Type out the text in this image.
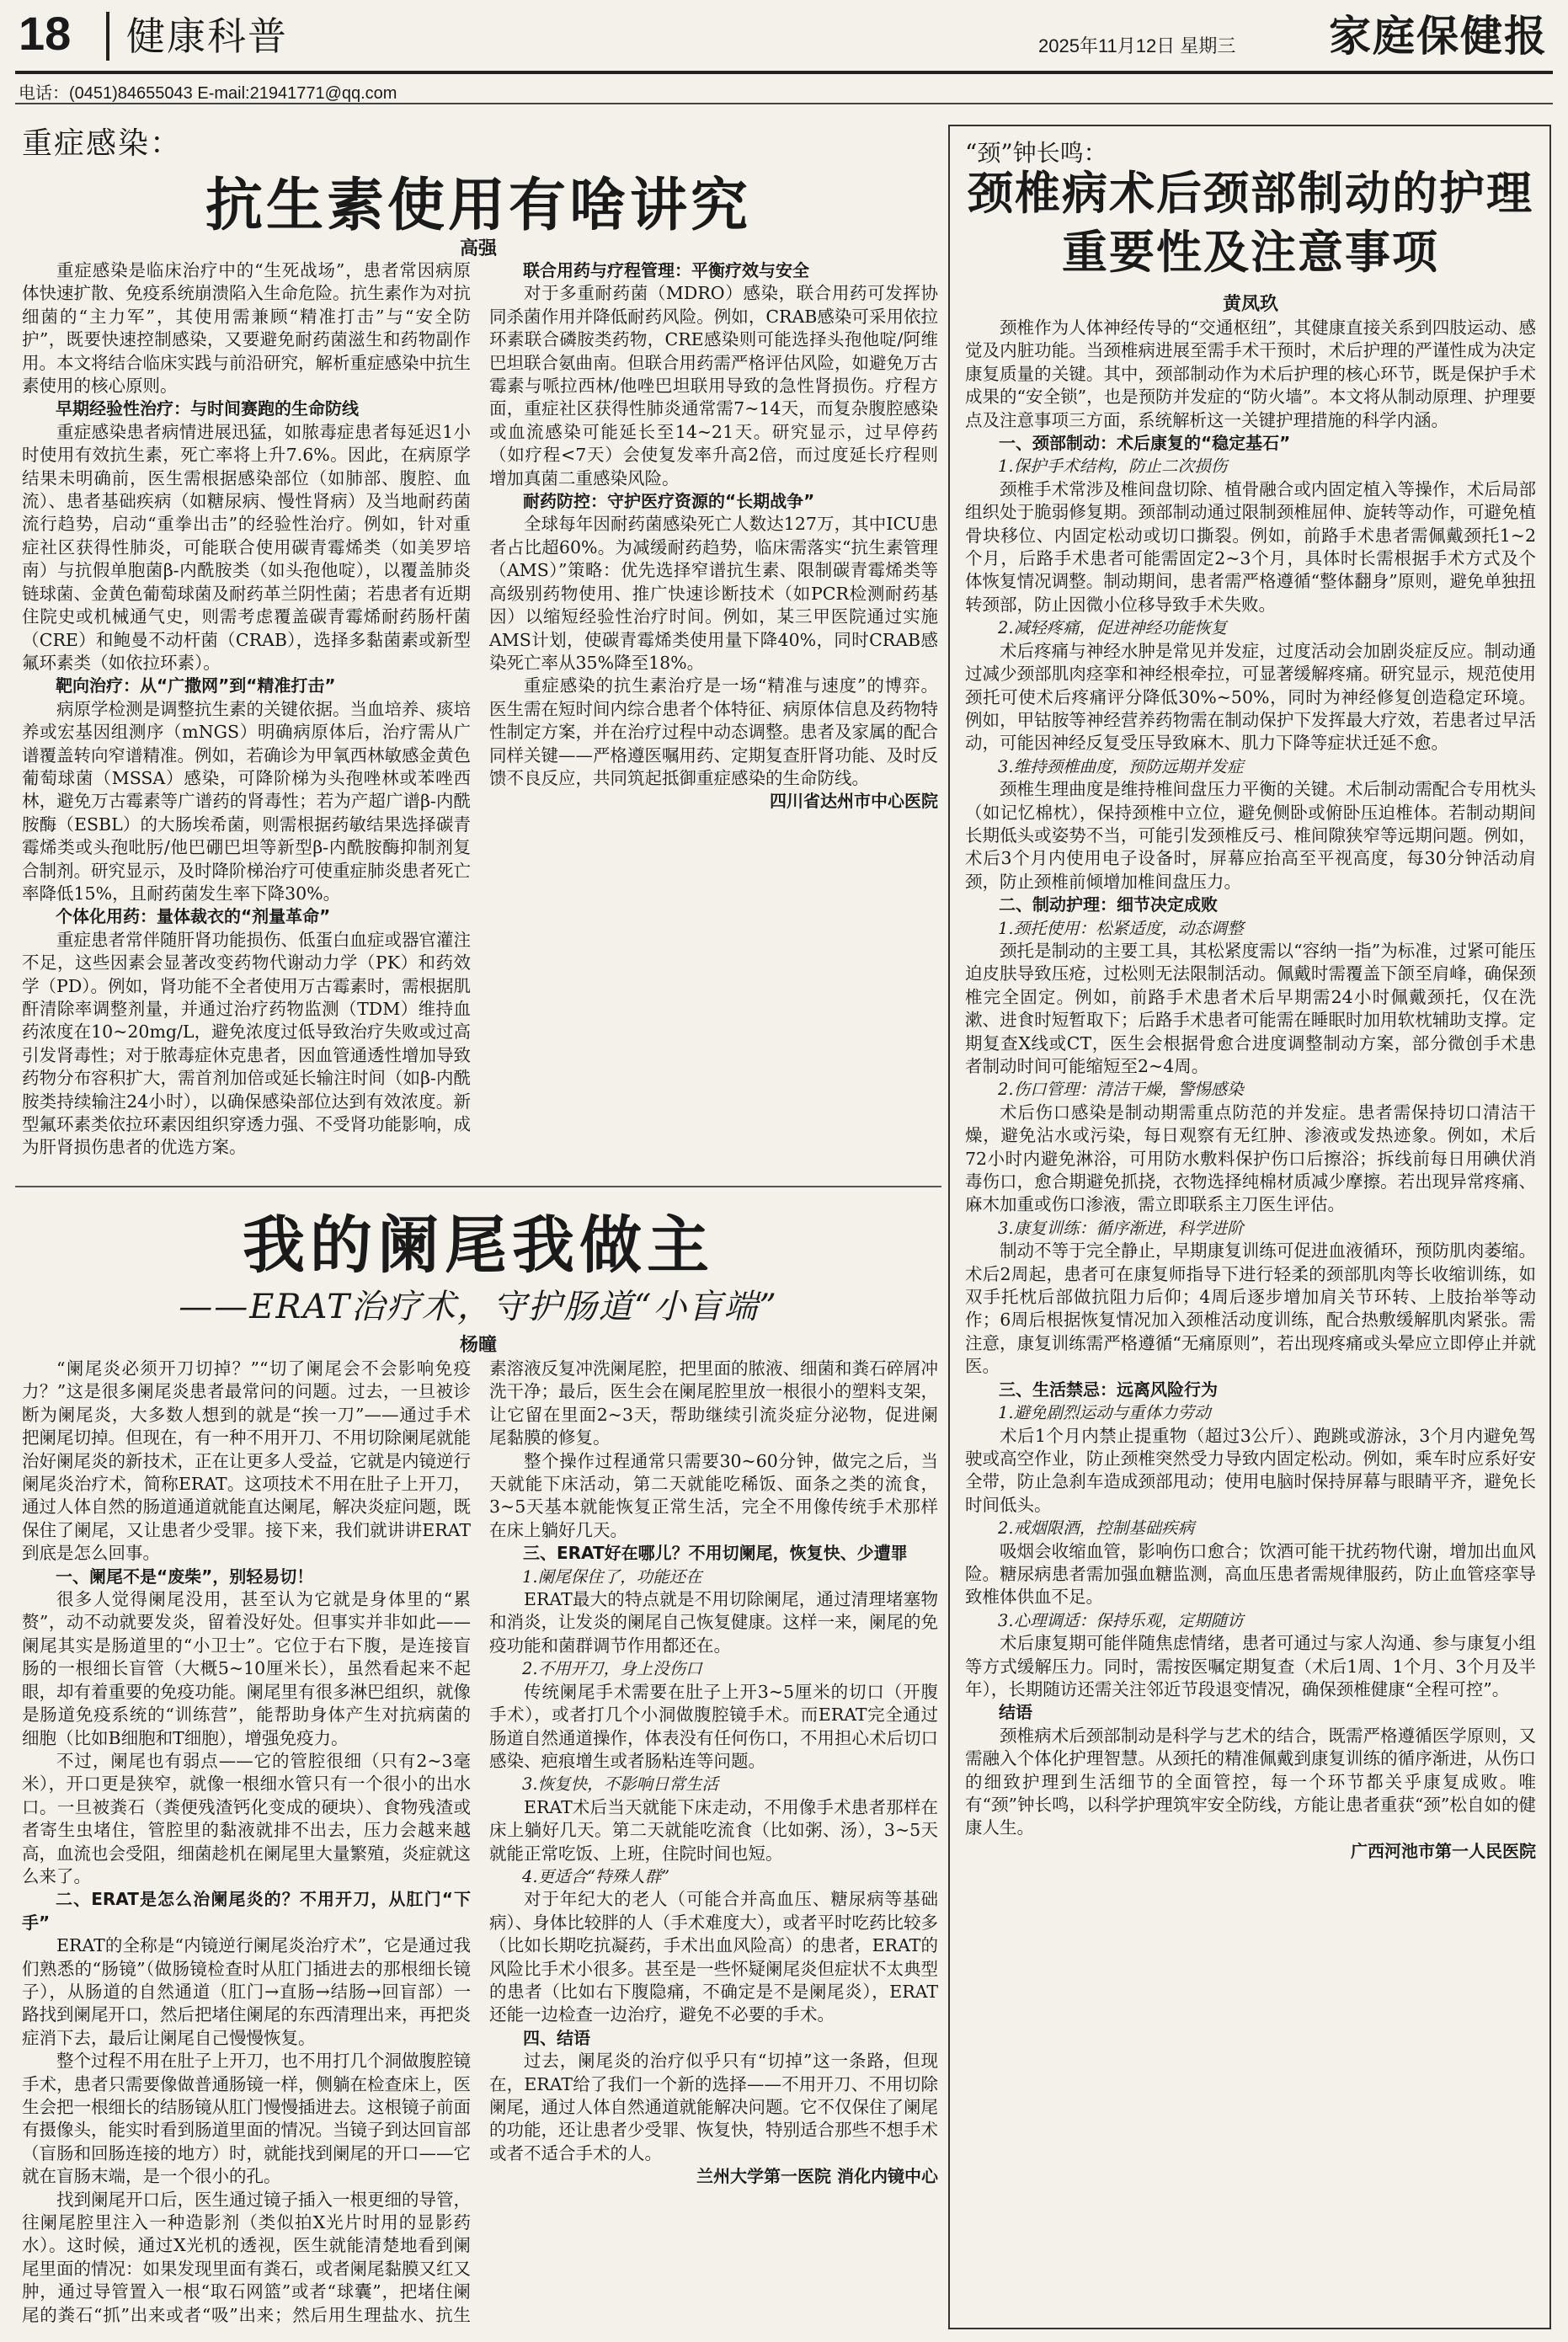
18 健康科普	2025年11月12日 星期三 家庭保健报
电话：(0451)84655043 E-mail:21941771@qq.com
重症感染：
抗生素使用有啥讲究
高强

重症感染是临床治疗中的“生死战场”，患者常因病原体快速扩散、免疫系统崩溃陷入生命危险。抗生素作为对抗细菌的“主力军”，其使用需兼顾“精准打击”与“安全防护”，既要快速控制感染，又要避免耐药菌滋生和药物副作用。本文将结合临床实践与前沿研究，解析重症感染中抗生素使用的核心原则。

早期经验性治疗：与时间赛跑的生命防线

重症感染患者病情进展迅猛，如脓毒症患者每延迟1小时使用有效抗生素，死亡率将上升7.6%。因此，在病原学结果未明确前，医生需根据感染部位（如肺部、腹腔、血流）、患者基础疾病（如糖尿病、慢性肾病）及当地耐药菌流行趋势，启动“重拳出击”的经验性治疗。例如，针对重症社区获得性肺炎，可能联合使用碳青霉烯类（如美罗培南）与抗假单胞菌β-内酰胺类（如头孢他啶），以覆盖肺炎链球菌、金黄色葡萄球菌及耐药革兰阴性菌；若患者有近期住院史或机械通气史，则需考虑覆盖碳青霉烯耐药肠杆菌（CRE）和鲍曼不动杆菌（CRAB），选择多黏菌素或新型氟环素类（如依拉环素）。

靶向治疗：从“广撒网”到“精准打击”

病原学检测是调整抗生素的关键依据。当血培养、痰培养或宏基因组测序（mNGS）明确病原体后，治疗需从广谱覆盖转向窄谱精准。例如，若确诊为甲氧西林敏感金黄色葡萄球菌（MSSA）感染，可降阶梯为头孢唑林或苯唑西林，避免万古霉素等广谱药的肾毒性；若为产超广谱β-内酰胺酶（ESBL）的大肠埃希菌，则需根据药敏结果选择碳青霉烯类或头孢吡肟/他巴硼巴坦等新型β-内酰胺酶抑制剂复合制剂。研究显示，及时降阶梯治疗可使重症肺炎患者死亡率降低15%，且耐药菌发生率下降30%。

个体化用药：量体裁衣的“剂量革命”

重症患者常伴随肝肾功能损伤、低蛋白血症或器官灌注不足，这些因素会显著改变药物代谢动力学（PK）和药效学（PD）。例如，肾功能不全者使用万古霉素时，需根据肌酐清除率调整剂量，并通过治疗药物监测（TDM）维持血药浓度在10~20mg/L，避免浓度过低导致治疗失败或过高引发肾毒性；对于脓毒症休克患者，因血管通透性增加导致药物分布容积扩大，需首剂加倍或延长输注时间（如β-内酰胺类持续输注24小时），以确保感染部位达到有效浓度。新型氟环素类依拉环素因组织穿透力强、不受肾功能影响，成为肝肾损伤患者的优选方案。

联合用药与疗程管理：平衡疗效与安全

对于多重耐药菌（MDRO）感染，联合用药可发挥协同杀菌作用并降低耐药风险。例如，CRAB感染可采用依拉环素联合磷胺类药物，CRE感染则可能选择头孢他啶/阿维巴坦联合氨曲南。但联合用药需严格评估风险，如避免万古霉素与哌拉西林/他唑巴坦联用导致的急性肾损伤。疗程方面，重症社区获得性肺炎通常需7~14天，而复杂腹腔感染或血流感染可能延长至14~21天。研究显示，过早停药（如疗程<7天）会使复发率升高2倍，而过度延长疗程则增加真菌二重感染风险。

耐药防控：守护医疗资源的“长期战争”

全球每年因耐药菌感染死亡人数达127万，其中ICU患者占比超60%。为减缓耐药趋势，临床需落实“抗生素管理（AMS）”策略：优先选择窄谱抗生素、限制碳青霉烯类等高级别药物使用、推广快速诊断技术（如PCR检测耐药基因）以缩短经验性治疗时间。例如，某三甲医院通过实施AMS计划，使碳青霉烯类使用量下降40%，同时CRAB感染死亡率从35%降至18%。

重症感染的抗生素治疗是一场“精准与速度”的博弈。医生需在短时间内综合患者个体特征、病原体信息及药物特性制定方案，并在治疗过程中动态调整。患者及家属的配合同样关键——严格遵医嘱用药、定期复查肝肾功能、及时反馈不良反应，共同筑起抵御重症感染的生命防线。

四川省达州市中心医院

我的阑尾我做主
——ERAT治疗术，守护肠道“小盲端”
杨曈

“阑尾炎必须开刀切掉？”“切了阑尾会不会影响免疫力？”这是很多阑尾炎患者最常问的问题。过去，一旦被诊断为阑尾炎，大多数人想到的就是“挨一刀”——通过手术把阑尾切掉。但现在，有一种不用开刀、不用切除阑尾就能治好阑尾炎的新技术，正在让更多人受益，它就是内镜逆行阑尾炎治疗术，简称ERAT。这项技术不用在肚子上开刀，通过人体自然的肠道通道就能直达阑尾，解决炎症问题，既保住了阑尾，又让患者少受罪。接下来，我们就讲讲ERAT到底是怎么回事。

一、阑尾不是“废柴”，别轻易切！

很多人觉得阑尾没用，甚至认为它就是身体里的“累赘”，动不动就要发炎，留着没好处。但事实并非如此——阑尾其实是肠道里的“小卫士”。它位于右下腹，是连接盲肠的一根细长盲管（大概5~10厘米长），虽然看起来不起眼，却有着重要的免疫功能。阑尾里有很多淋巴组织，就像是肠道免疫系统的“训练营”，能帮助身体产生对抗病菌的细胞（比如B细胞和T细胞），增强免疫力。

不过，阑尾也有弱点——它的管腔很细（只有2~3毫米），开口更是狭窄，就像一根细水管只有一个很小的出水口。一旦被粪石（粪便残渣钙化变成的硬块）、食物残渣或者寄生虫堵住，管腔里的黏液就排不出去，压力会越来越高，血流也会受阻，细菌趁机在阑尾里大量繁殖，炎症就这么来了。

二、ERAT是怎么治阑尾炎的？不用开刀，从肛门“下手”

ERAT的全称是“内镜逆行阑尾炎治疗术”，它是通过我们熟悉的“肠镜”（做肠镜检查时从肛门插进去的那根细长镜子），从肠道的自然通道（肛门→直肠→结肠→回盲部）一路找到阑尾开口，然后把堵住阑尾的东西清理出来，再把炎症消下去，最后让阑尾自己慢慢恢复。

整个过程不用在肚子上开刀，也不用打几个洞做腹腔镜手术，患者只需要像做普通肠镜一样，侧躺在检查床上，医生会把一根细长的结肠镜从肛门慢慢插进去。这根镜子前面有摄像头，能实时看到肠道里面的情况。当镜子到达回盲部（盲肠和回肠连接的地方）时，就能找到阑尾的开口——它就在盲肠末端，是一个很小的孔。

找到阑尾开口后，医生通过镜子插入一根更细的导管，往阑尾腔里注入一种造影剂（类似拍X光片时用的显影药水）。这时候，通过X光机的透视，医生就能清楚地看到阑尾里面的情况：如果发现里面有粪石，或者阑尾黏膜又红又肿，通过导管置入一根“取石网篮”或者“球囊”，把堵住阑尾的粪石“抓”出来或者“吸”出来；然后用生理盐水、抗生素溶液反复冲洗阑尾腔，把里面的脓液、细菌和粪石碎屑冲洗干净；最后，医生会在阑尾腔里放一根很小的塑料支架，让它留在里面2~3天，帮助继续引流炎症分泌物，促进阑尾黏膜的修复。

整个操作过程通常只需要30~60分钟，做完之后，当天就能下床活动，第二天就能吃稀饭、面条之类的流食，3~5天基本就能恢复正常生活，完全不用像传统手术那样在床上躺好几天。

三、ERAT好在哪儿？不用切阑尾，恢复快、少遭罪

1.阑尾保住了，功能还在

ERAT最大的特点就是不用切除阑尾，通过清理堵塞物和消炎，让发炎的阑尾自己恢复健康。这样一来，阑尾的免疫功能和菌群调节作用都还在。

2.不用开刀，身上没伤口

传统阑尾手术需要在肚子上开3~5厘米的切口（开腹手术），或者打几个小洞做腹腔镜手术。而ERAT完全通过肠道自然通道操作，体表没有任何伤口，不用担心术后切口感染、疤痕增生或者肠粘连等问题。

3.恢复快，不影响日常生活

ERAT术后当天就能下床走动，不用像手术患者那样在床上躺好几天。第二天就能吃流食（比如粥、汤），3~5天就能正常吃饭、上班，住院时间也短。

4.更适合“特殊人群”

对于年纪大的老人（可能合并高血压、糖尿病等基础病）、身体比较胖的人（手术难度大），或者平时吃药比较多（比如长期吃抗凝药，手术出血风险高）的患者，ERAT的风险比手术小很多。甚至是一些怀疑阑尾炎但症状不太典型的患者（比如右下腹隐痛，不确定是不是阑尾炎），ERAT还能一边检查一边治疗，避免不必要的手术。

四、结语

过去，阑尾炎的治疗似乎只有“切掉”这一条路，但现在，ERAT给了我们一个新的选择——不用开刀、不用切除阑尾，通过人体自然通道就能解决问题。它不仅保住了阑尾的功能，还让患者少受罪、恢复快，特别适合那些不想手术或者不适合手术的人。

兰州大学第一医院 消化内镜中心

“颈”钟长鸣：
颈椎病术后颈部制动的护理重要性及注意事项
黄凤玖

颈椎作为人体神经传导的“交通枢纽”，其健康直接关系到四肢运动、感觉及内脏功能。当颈椎病进展至需手术干预时，术后护理的严谨性成为决定康复质量的关键。其中，颈部制动作为术后护理的核心环节，既是保护手术成果的“安全锁”，也是预防并发症的“防火墙”。本文将从制动原理、护理要点及注意事项三方面，系统解析这一关键护理措施的科学内涵。

一、颈部制动：术后康复的“稳定基石”

1.保护手术结构，防止二次损伤

颈椎手术常涉及椎间盘切除、植骨融合或内固定植入等操作，术后局部组织处于脆弱修复期。颈部制动通过限制颈椎屈伸、旋转等动作，可避免植骨块移位、内固定松动或切口撕裂。例如，前路手术患者需佩戴颈托1~2个月，后路手术患者可能需固定2~3个月，具体时长需根据手术方式及个体恢复情况调整。制动期间，患者需严格遵循“整体翻身”原则，避免单独扭转颈部，防止因微小位移导致手术失败。

2.减轻疼痛，促进神经功能恢复

术后疼痛与神经水肿是常见并发症，过度活动会加剧炎症反应。制动通过减少颈部肌肉痉挛和神经根牵拉，可显著缓解疼痛。研究显示，规范使用颈托可使术后疼痛评分降低30%~50%，同时为神经修复创造稳定环境。例如，甲钴胺等神经营养药物需在制动保护下发挥最大疗效，若患者过早活动，可能因神经反复受压导致麻木、肌力下降等症状迁延不愈。

3.维持颈椎曲度，预防远期并发症

颈椎生理曲度是维持椎间盘压力平衡的关键。术后制动需配合专用枕头（如记忆棉枕），保持颈椎中立位，避免侧卧或俯卧压迫椎体。若制动期间长期低头或姿势不当，可能引发颈椎反弓、椎间隙狭窄等远期问题。例如，术后3个月内使用电子设备时，屏幕应抬高至平视高度，每30分钟活动肩颈，防止颈椎前倾增加椎间盘压力。

二、制动护理：细节决定成败

1.颈托使用：松紧适度，动态调整

颈托是制动的主要工具，其松紧度需以“容纳一指”为标准，过紧可能压迫皮肤导致压疮，过松则无法限制活动。佩戴时需覆盖下颌至肩峰，确保颈椎完全固定。例如，前路手术患者术后早期需24小时佩戴颈托，仅在洗漱、进食时短暂取下；后路手术患者可能需在睡眠时加用软枕辅助支撑。定期复查X线或CT，医生会根据骨愈合进度调整制动方案，部分微创手术患者制动时间可能缩短至2~4周。

2.伤口管理：清洁干燥，警惕感染

术后伤口感染是制动期需重点防范的并发症。患者需保持切口清洁干燥，避免沾水或污染，每日观察有无红肿、渗液或发热迹象。例如，术后72小时内避免淋浴，可用防水敷料保护伤口后擦浴；拆线前每日用碘伏消毒伤口，愈合期避免抓挠，衣物选择纯棉材质减少摩擦。若出现异常疼痛、麻木加重或伤口渗液，需立即联系主刀医生评估。

3.康复训练：循序渐进，科学进阶

制动不等于完全静止，早期康复训练可促进血液循环，预防肌肉萎缩。术后2周起，患者可在康复师指导下进行轻柔的颈部肌肉等长收缩训练，如双手托枕后部做抗阻力后仰；4周后逐步增加肩关节环转、上肢抬举等动作；6周后根据恢复情况加入颈椎活动度训练，配合热敷缓解肌肉紧张。需注意，康复训练需严格遵循“无痛原则”，若出现疼痛或头晕应立即停止并就医。

三、生活禁忌：远离风险行为

1.避免剧烈运动与重体力劳动

术后1个月内禁止提重物（超过3公斤）、跑跳或游泳，3个月内避免驾驶或高空作业，防止颈椎突然受力导致内固定松动。例如，乘车时应系好安全带，防止急刹车造成颈部甩动；使用电脑时保持屏幕与眼睛平齐，避免长时间低头。

2.戒烟限酒，控制基础疾病

吸烟会收缩血管，影响伤口愈合；饮酒可能干扰药物代谢，增加出血风险。糖尿病患者需加强血糖监测，高血压患者需规律服药，防止血管痉挛导致椎体供血不足。

3.心理调适：保持乐观，定期随访

术后康复期可能伴随焦虑情绪，患者可通过与家人沟通、参与康复小组等方式缓解压力。同时，需按医嘱定期复查（术后1周、1个月、3个月及半年），长期随访还需关注邻近节段退变情况，确保颈椎健康“全程可控”。

结语

颈椎病术后颈部制动是科学与艺术的结合，既需严格遵循医学原则，又需融入个体化护理智慧。从颈托的精准佩戴到康复训练的循序渐进，从伤口的细致护理到生活细节的全面管控，每一个环节都关乎康复成败。唯有“颈”钟长鸣，以科学护理筑牢安全防线，方能让患者重获“颈”松自如的健康人生。

广西河池市第一人民医院
